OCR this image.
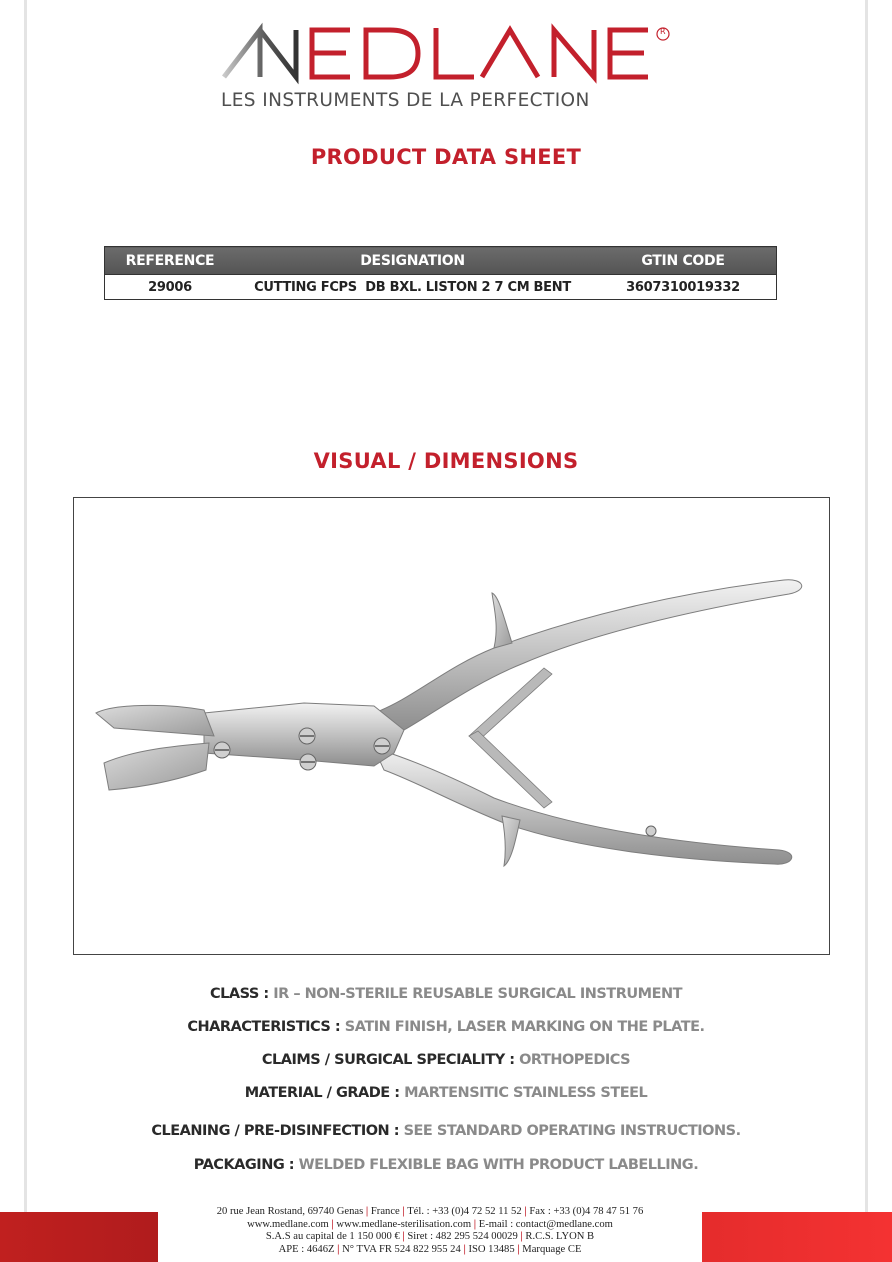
R
LES INSTRUMENTS DE LA PERFECTION
PRODUCT DATA SHEET
REFERENCE	DESIGNATION	GTIN CODE
29006	CUTTING FCPS  DB BXL. LISTON 2 7 CM BENT	3607310019332
VISUAL / DIMENSIONS
CLASS : IR – NON-STERILE REUSABLE SURGICAL INSTRUMENT
CHARACTERISTICS : SATIN FINISH, LASER MARKING ON THE PLATE.
CLAIMS / SURGICAL SPECIALITY : ORTHOPEDICS
MATERIAL / GRADE : MARTENSITIC STAINLESS STEEL
CLEANING / PRE-DISINFECTION : SEE STANDARD OPERATING INSTRUCTIONS.
PACKAGING : WELDED FLEXIBLE BAG WITH PRODUCT LABELLING.
20 rue Jean Rostand, 69740 Genas | France | Tél. : +33 (0)4 72 52 11 52 | Fax : +33 (0)4 78 47 51 76
www.medlane.com | www.medlane-sterilisation.com | E-mail : contact@medlane.com
S.A.S au capital de 1 150 000 € | Siret : 482 295 524 00029 | R.C.S. LYON B
APE : 4646Z | N° TVA FR 524 822 955 24 | ISO 13485 | Marquage CE
